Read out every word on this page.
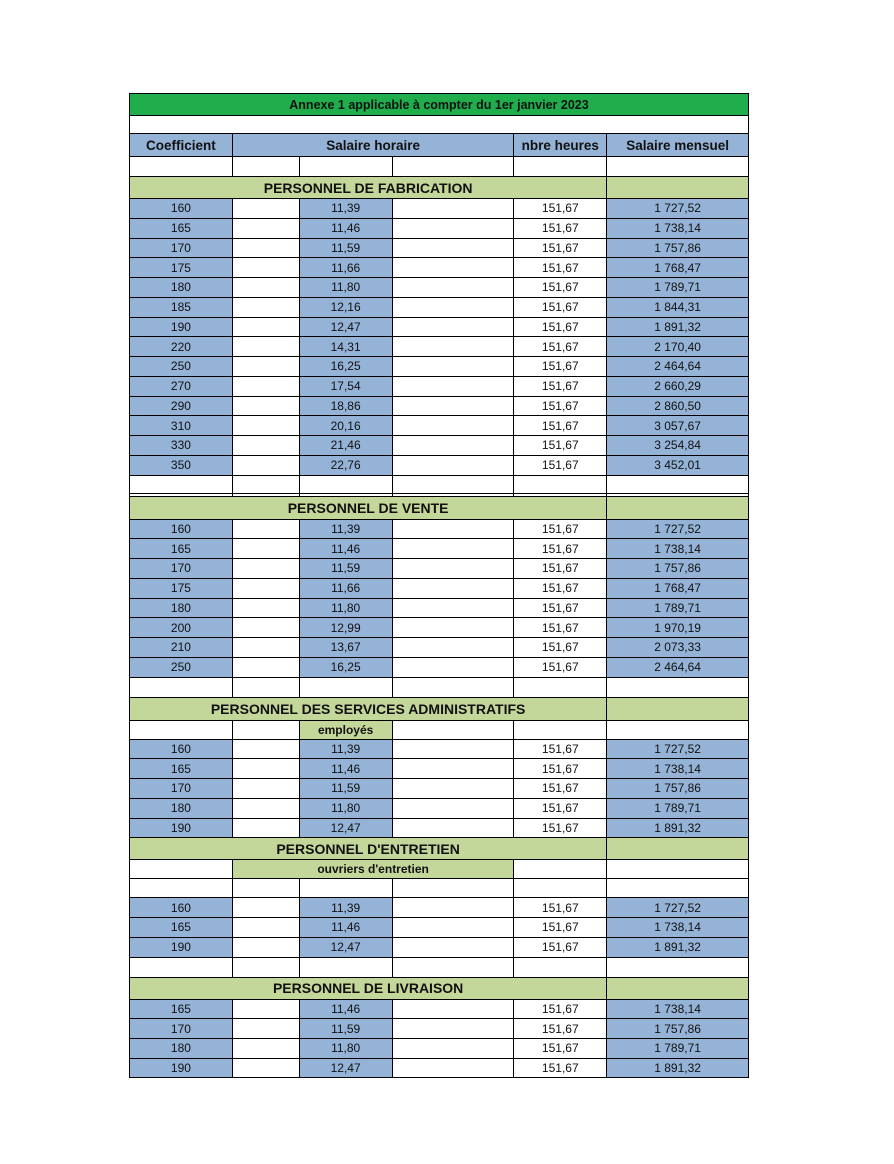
Annexe 1 applicable à compter du 1er janvier 2023
Coefficient	Salaire horaire	nbre heures	Salaire mensuel
PERSONNEL DE FABRICATION
160	11,39	151,67	1 727,52
165	11,46	151,67	1 738,14
170	11,59	151,67	1 757,86
175	11,66	151,67	1 768,47
180	11,80	151,67	1 789,71
185	12,16	151,67	1 844,31
190	12,47	151,67	1 891,32
220	14,31	151,67	2 170,40
250	16,25	151,67	2 464,64
270	17,54	151,67	2 660,29
290	18,86	151,67	2 860,50
310	20,16	151,67	3 057,67
330	21,46	151,67	3 254,84
350	22,76	151,67	3 452,01
PERSONNEL DE VENTE
160	11,39	151,67	1 727,52
165	11,46	151,67	1 738,14
170	11,59	151,67	1 757,86
175	11,66	151,67	1 768,47
180	11,80	151,67	1 789,71
200	12,99	151,67	1 970,19
210	13,67	151,67	2 073,33
250	16,25	151,67	2 464,64
PERSONNEL DES SERVICES ADMINISTRATIFS
employés
160	11,39	151,67	1 727,52
165	11,46	151,67	1 738,14
170	11,59	151,67	1 757,86
180	11,80	151,67	1 789,71
190	12,47	151,67	1 891,32
PERSONNEL D'ENTRETIEN
ouvriers d'entretien
160	11,39	151,67	1 727,52
165	11,46	151,67	1 738,14
190	12,47	151,67	1 891,32
PERSONNEL DE LIVRAISON
165	11,46	151,67	1 738,14
170	11,59	151,67	1 757,86
180	11,80	151,67	1 789,71
190	12,47	151,67	1 891,32
